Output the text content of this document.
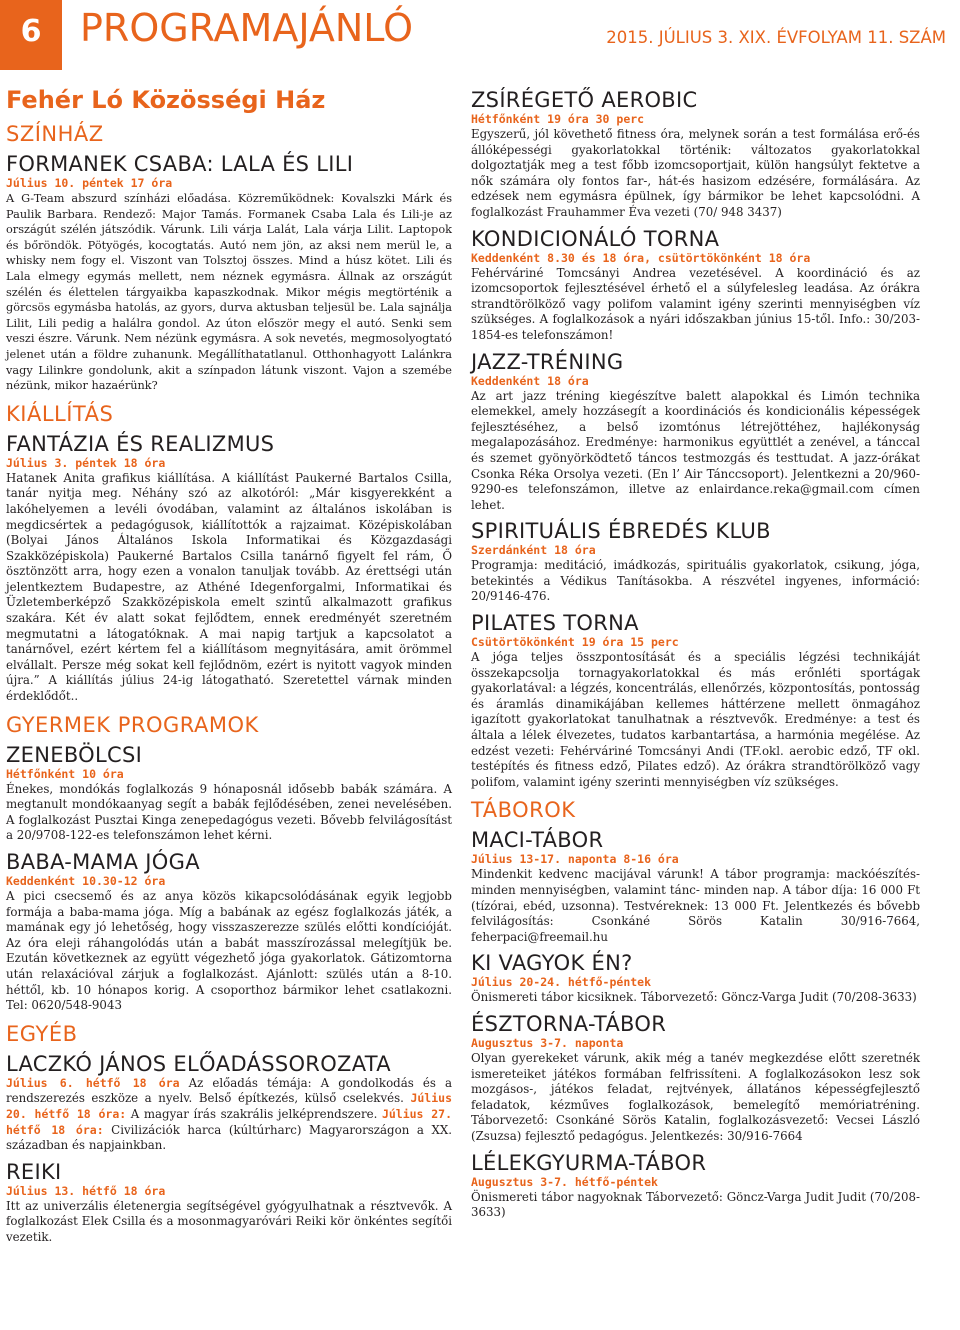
6	PROGRAMAJÁNLÓ	2015. JÚLIUS 3. XIX. ÉVFOLYAM 11. SZÁM
Fehér Ló Közösségi Ház
SZÍNHÁZ
FORMANEK CSABA: LALA ÉS LILI
Július 10. péntek 17 óra

A G-Team abszurd színházi előadása. Közreműködnek: Kovalszki Márk és Paulik Barbara. Rendező: Major Tamás. Formanek Csaba Lala és Lili-je az országút szélén játszódik. Várunk. Lili várja Lalát, Lala várja Lilit. Laptopok és bőröndök. Pötyögés, kocogtatás. Autó nem jön, az aksi nem merül le, a whisky nem fogy el. Viszont van Tolsztoj összes. Mind a húsz kötet. Lili és Lala elmegy egymás mellett, nem néznek egymásra. Állnak az országút szélén és élettelen tárgyaikba kapaszkodnak. Mikor mégis megtörténik a görcsös egymásba hatolás, az gyors, durva aktusban teljesül be. Lala sajnálja Lilit, Lili pedig a halálra gondol. Az úton először megy el autó. Senki sem veszi észre. Várunk. Nem nézünk egymásra. A sok nevetés, megmosolyogtató jelenet után a földre zuhanunk. Megállíthatatlanul. Otthonhagyott Lalánkra vagy Lilinkre gondolunk, akit a színpadon látunk viszont. Vajon a szemébe nézünk, mikor hazaérünk?

KIÁLLÍTÁS
FANTÁZIA ÉS REALIZMUS
Július 3. péntek 18 óra

Hatanek Anita grafikus kiállítása. A kiállítást Paukerné Bartalos Csilla, tanár nyitja meg. Néhány szó az alkotóról: „Már kisgyerekként a lakóhelyemen a levéli óvodában, valamint az általános iskolában is megdicsértek a pedagógusok, kiállítottók a rajzaimat. Középiskolában (Bolyai János Általános Iskola Informatikai és Közgazdasági Szakközépiskola) Paukerné Bartalos Csilla tanárnő figyelt fel rám, Ő ösztönzött arra, hogy ezen a vonalon tanuljak tovább. Az érettségi után jelentkeztem Budapestre, az Athéné Idegenforgalmi, Informatikai és Üzletemberképző Szakközépiskola emelt szintű alkalmazott grafikus szakára. Két év alatt sokat fejlődtem, ennek eredményét szeretném megmutatni a látogatóknak. A mai napig tartjuk a kapcsolatot a tanárnővel, ezért kértem fel a kiállításom megnyitására, amit örömmel elvállalt. Persze még sokat kell fejlődnöm, ezért is nyitott vagyok minden újra.” A kiállítás július 24-ig látogatható. Szeretettel várnak minden érdeklődőt..

GYERMEK PROGRAMOK
ZENEBÖLCSI
Hétfőnként 10 óra

Énekes, mondókás foglalkozás 9 hónaposnál idősebb babák számára. A megtanult mondókaanyag segít a babák fejlődésében, zenei nevelésében. A foglalkozást Pusztai Kinga zenepedagógus vezeti. Bővebb felvilágosítást a 20/9708-122-es telefonszámon lehet kérni.

BABA-MAMA JÓGA
Keddenként 10.30-12 óra

A pici csecsemő és az anya közös kikapcsolódásának egyik legjobb formája a baba-mama jóga. Míg a babának az egész foglalkozás játék, a mamának egy jó lehetőség, hogy visszaszerezze szülés előtti kondícióját. Az óra eleji ráhangolódás után a babát masszírozással melegítjük be. Ezután következnek az együtt végezhető jóga gyakorlatok. Gátizomtorna után relaxációval zárjuk a foglalkozást. Ajánlott: szülés után a 8-10. héttől, kb. 10 hónapos korig. A csoporthoz bármikor lehet csatlakozni. Tel: 0620/548-9043

EGYÉB
LACZKÓ JÁNOS ELŐADÁSSOROZATA

Július 6. hétfő 18 óra Az előadás témája: A gondolkodás és a rendszerezés eszköze a nyelv. Belső építkezés, külső cselekvés. Július 20. hétfő 18 óra: A magyar írás szakrális jelképrendszere. Július 27. hétfő 18 óra: Civilizációk harca (kúltúrharc) Magyarországon a XX. században és napjainkban.

REIKI
Július 13. hétfő 18 óra

Itt az univerzális életenergia segítségével gyógyulhatnak a résztvevők. A foglalkozást Elek Csilla és a mosonmagyaróvári Reiki kör önkéntes segítői vezetik.

ZSÍRÉGETŐ AEROBIC
Hétfőnként 19 óra 30 perc

Egyszerű, jól követhető fitness óra, melynek során a test formálása erő-és állóképességi gyakorlatokkal történik: változatos gyakorlatokkal dolgoztatják meg a test főbb izomcsoportjait, külön hangsúlyt fektetve a nők számára oly fontos far-, hát-és hasizom edzésére, formálására. Az edzések nem egymásra épülnek, így bármikor be lehet kapcsolódni. A foglalkozást Frauhammer Éva vezeti (70/ 948 3437)

KONDICIONÁLÓ TORNA
Keddenként 8.30 és 18 óra, csütörtökönként 18 óra

Fehérváriné Tomcsányi Andrea vezetésével. A koordináció és az izomcsoportok fejlesztésével érhető el a súlyfelesleg leadása. Az órákra strandtörölköző vagy polifom valamint igény szerinti mennyiségben víz szükséges. A foglalkozások a nyári időszakban június 15-től. Info.: 30/203-1854-es telefonszámon!

JAZZ-TRÉNING
Keddenként 18 óra

Az art jazz tréning kiegészítve balett alapokkal és Limón technika elemekkel, amely hozzásegít a koordinációs és kondicionális képességek fejlesztéséhez, a belső izomtónus létrejöttéhez, hajlékonyság megalapozásához. Eredménye: harmonikus együttlét a zenével, a tánccal és szemet gyönyörködtető táncos testmozgás és testtudat. A jazz-órákat Csonka Réka Orsolya vezeti. (En l’ Air Tánccsoport). Jelentkezni a 20/960-9290-es telefonszámon, illetve az enlairdance.reka@gmail.com címen lehet.

SPIRITUÁLIS ÉBREDÉS KLUB
Szerdánként 18 óra

Programja: meditáció, imádkozás, spirituális gyakorlatok, csikung, jóga, betekintés a Védikus Tanításokba. A részvétel ingyenes, információ: 20/9146-476.

PILATES TORNA
Csütörtökönként 19 óra 15 perc

A jóga teljes összpontosítását és a speciális légzési technikáját összekapcsolja tornagyakorlatokkal és más erőnléti sportágak gyakorlatával: a légzés, koncentrálás, ellenőrzés, központosítás, pontosság és áramlás dinamikájában kellemes háttérzene mellett önmagához igazított gyakorlatokat tanulhatnak a résztvevők. Eredménye: a test és általa a lélek élvezetes, tudatos karbantartása, a harmónia megélése. Az edzést vezeti: Fehérváriné Tomcsányi Andi (TF.okl. aerobic edző, TF okl. testépítés és fitness edző, Pilates edző). Az órákra strandtörölköző vagy polifom, valamint igény szerinti mennyiségben víz szükséges.

TÁBOROK
MACI-TÁBOR
Július 13-17. naponta 8-16 óra

Mindenkit kedvenc macijával várunk! A tábor programja: mackóészítés- minden mennyiségben, valamint tánc- minden nap. A tábor díja: 16 000 Ft (tízórai, ebéd, uzsonna). Testvéreknek: 13 000 Ft. Jelentkezés és bővebb felvilágosítás: Csonkáné Sörös Katalin 30/916-7664, feherpaci@freemail.hu

KI VAGYOK ÉN?
Július 20-24. hétfő-péntek

Önismereti tábor kicsiknek. Táborvezető: Göncz-Varga Judit (70/208-3633)

ÉSZTORNA-TÁBOR
Augusztus 3-7. naponta

Olyan gyerekeket várunk, akik még a tanév megkezdése előtt szeretnék ismereteiket játékos formában felfrissíteni. A foglalkozásokon lesz sok mozgásos-, játékos feladat, rejtvények, állatános képességfejlesztő feladatok, kézműves foglalkozások, bemelegítő memóriatréning. Táborvezető: Csonkáné Sörös Katalin, foglalkozásvezető: Vecsei László (Zsuzsa) fejlesztő pedagógus. Jelentkezés: 30/916-7664

LÉLEKGYURMA-TÁBOR
Augusztus 3-7. hétfő-péntek

Önismereti tábor nagyoknak Táborvezető: Göncz-Varga Judit Judit (70/208-3633)
